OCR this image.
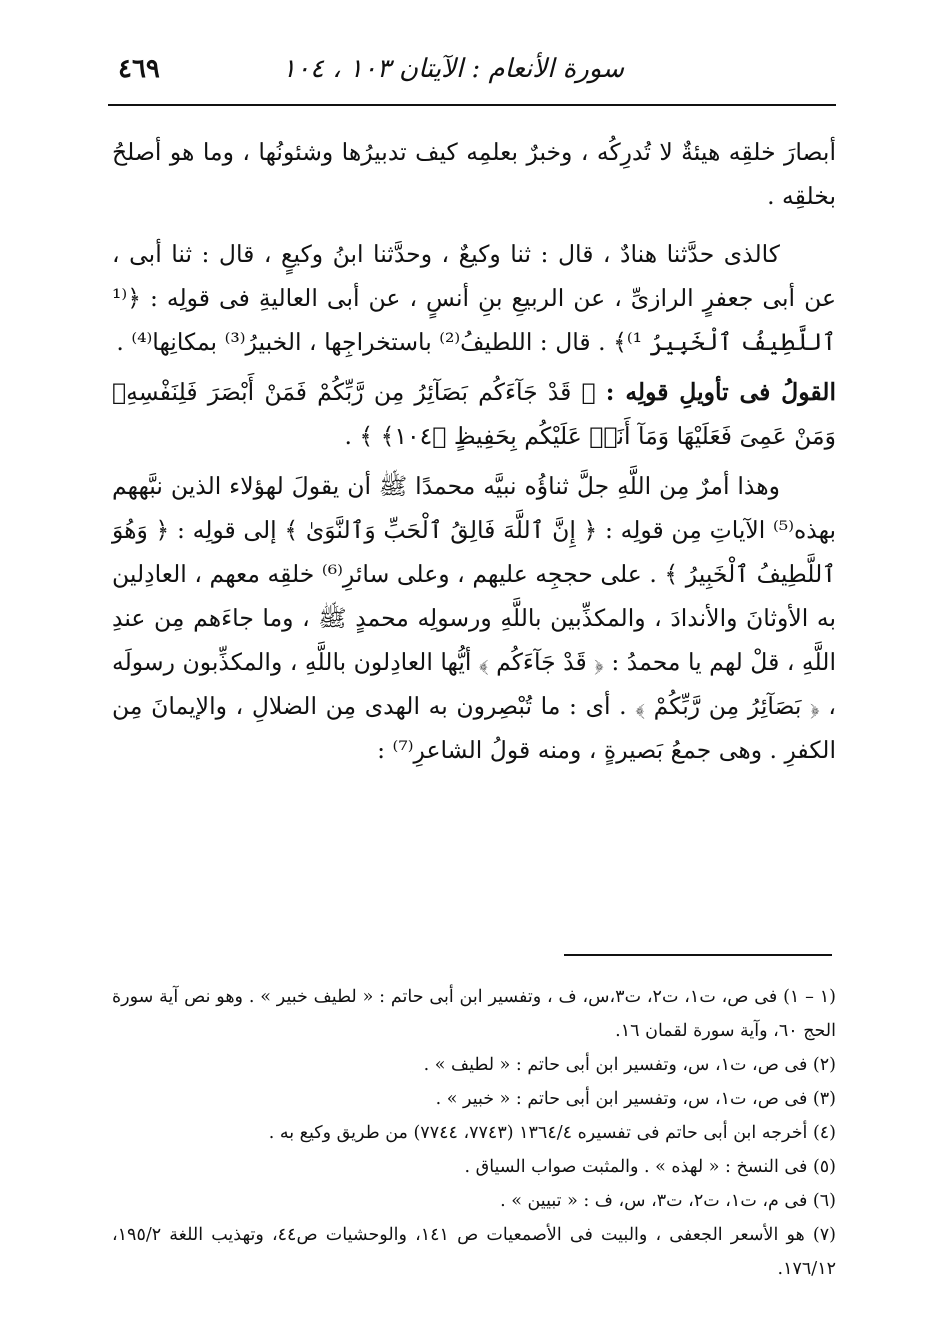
سورة الأنعام : الآيتان ١٠٣ ، ١٠٤
٤٦٩

أبصارَ خلقِه هيئةٌ لا تُدرِكُه ، وخبرٌ بعلمِه كيف تدبيرُها وشئونُها ، وما هو أصلحُ بخلقِه .

كالذى حدَّثنا هنادٌ ، قال : ثنا وكيعٌ ، وحدَّثنا ابنُ وكيعٍ ، قال : ثنا أبى ، عن أبى جعفرٍ الرازىِّ ، عن الربيعِ بنِ أنسٍ ، عن أبى العاليةِ فى قولِه : ﴿⁽¹ ٱللَّطِيفُ ٱلْخَبِيرُ ¹⁾﴾ . قال : اللطيفُ⁽²⁾ باستخراجِها ، الخبيرُ⁽³⁾ بمكانِها⁽⁴⁾ .

القولُ فى تأويلِ قولِه : ﴿ قَدْ جَآءَكُم بَصَآئِرُ مِن رَّبِّكُمْ فَمَنْ أَبْصَرَ فَلِنَفْسِهِۦ وَمَنْ عَمِىَ فَعَلَيْهَا وَمَآ أَنَا۠ عَلَيْكُم بِحَفِيظٍ ﴿١٠٤﴾ ﴾ .

وهذا أمرٌ مِن اللَّهِ جلَّ ثناؤُه نبيَّه محمدًا ﷺ أن يقولَ لهؤلاء الذين نبَّههم بهذه⁽⁵⁾ الآياتِ مِن قولِه : ﴿ إِنَّ ٱللَّهَ فَالِقُ ٱلْحَبِّ وَٱلنَّوَىٰ ﴾ إلى قولِه : ﴿ وَهُوَ ٱللَّطِيفُ ٱلْخَبِيرُ ﴾ . على حججِه عليهم ، وعلى سائرِ⁽⁶⁾ خلقِه معهم ، العادِلين به الأوثانَ والأندادَ ، والمكذِّبين باللَّهِ ورسولِه محمدٍ ﷺ ، وما جاءَهم مِن عندِ اللَّهِ ، قلْ لهم يا محمدُ : ﴿ قَدْ جَآءَكُم ﴾ أيُّها العادِلون باللَّهِ ، والمكذِّبون رسولَه ، ﴿ بَصَآئِرُ مِن رَّبِّكُمْ ﴾ . أى : ما تُبْصِرون به الهدى مِن الضلالِ ، والإيمانَ مِن الكفرِ . وهى جمعُ بَصيرةٍ ، ومنه قولُ الشاعرِ⁽⁷⁾ :

(١ – ١) فى ص، ت١، ت٢، ت٣،س، ف ، وتفسير ابن أبى حاتم : « لطيف خبير » . وهو نص آية سورة الحج ٦٠، وآية سورة لقمان ١٦.

(٢) فى ص، ت١، س، وتفسير ابن أبى حاتم : « لطيف » .

(٣) فى ص، ت١، س، وتفسير ابن أبى حاتم : « خبير » .

(٤) أخرجه ابن أبى حاتم فى تفسيره ١٣٦٤/٤ (٧٧٤٣، ٧٧٤٤) من طريق وكيع به .

(٥) فى النسخ : « لهذه » . والمثبت صواب السياق .

(٦) فى م، ت١، ت٢، ت٣، س، ف : « تبيين » .

(٧) هو الأسعر الجعفى ، والبيت فى الأصمعيات ص ١٤١، والوحشيات ص٤٤، وتهذيب اللغة ١٩٥/٢، ١٧٦/١٢.
